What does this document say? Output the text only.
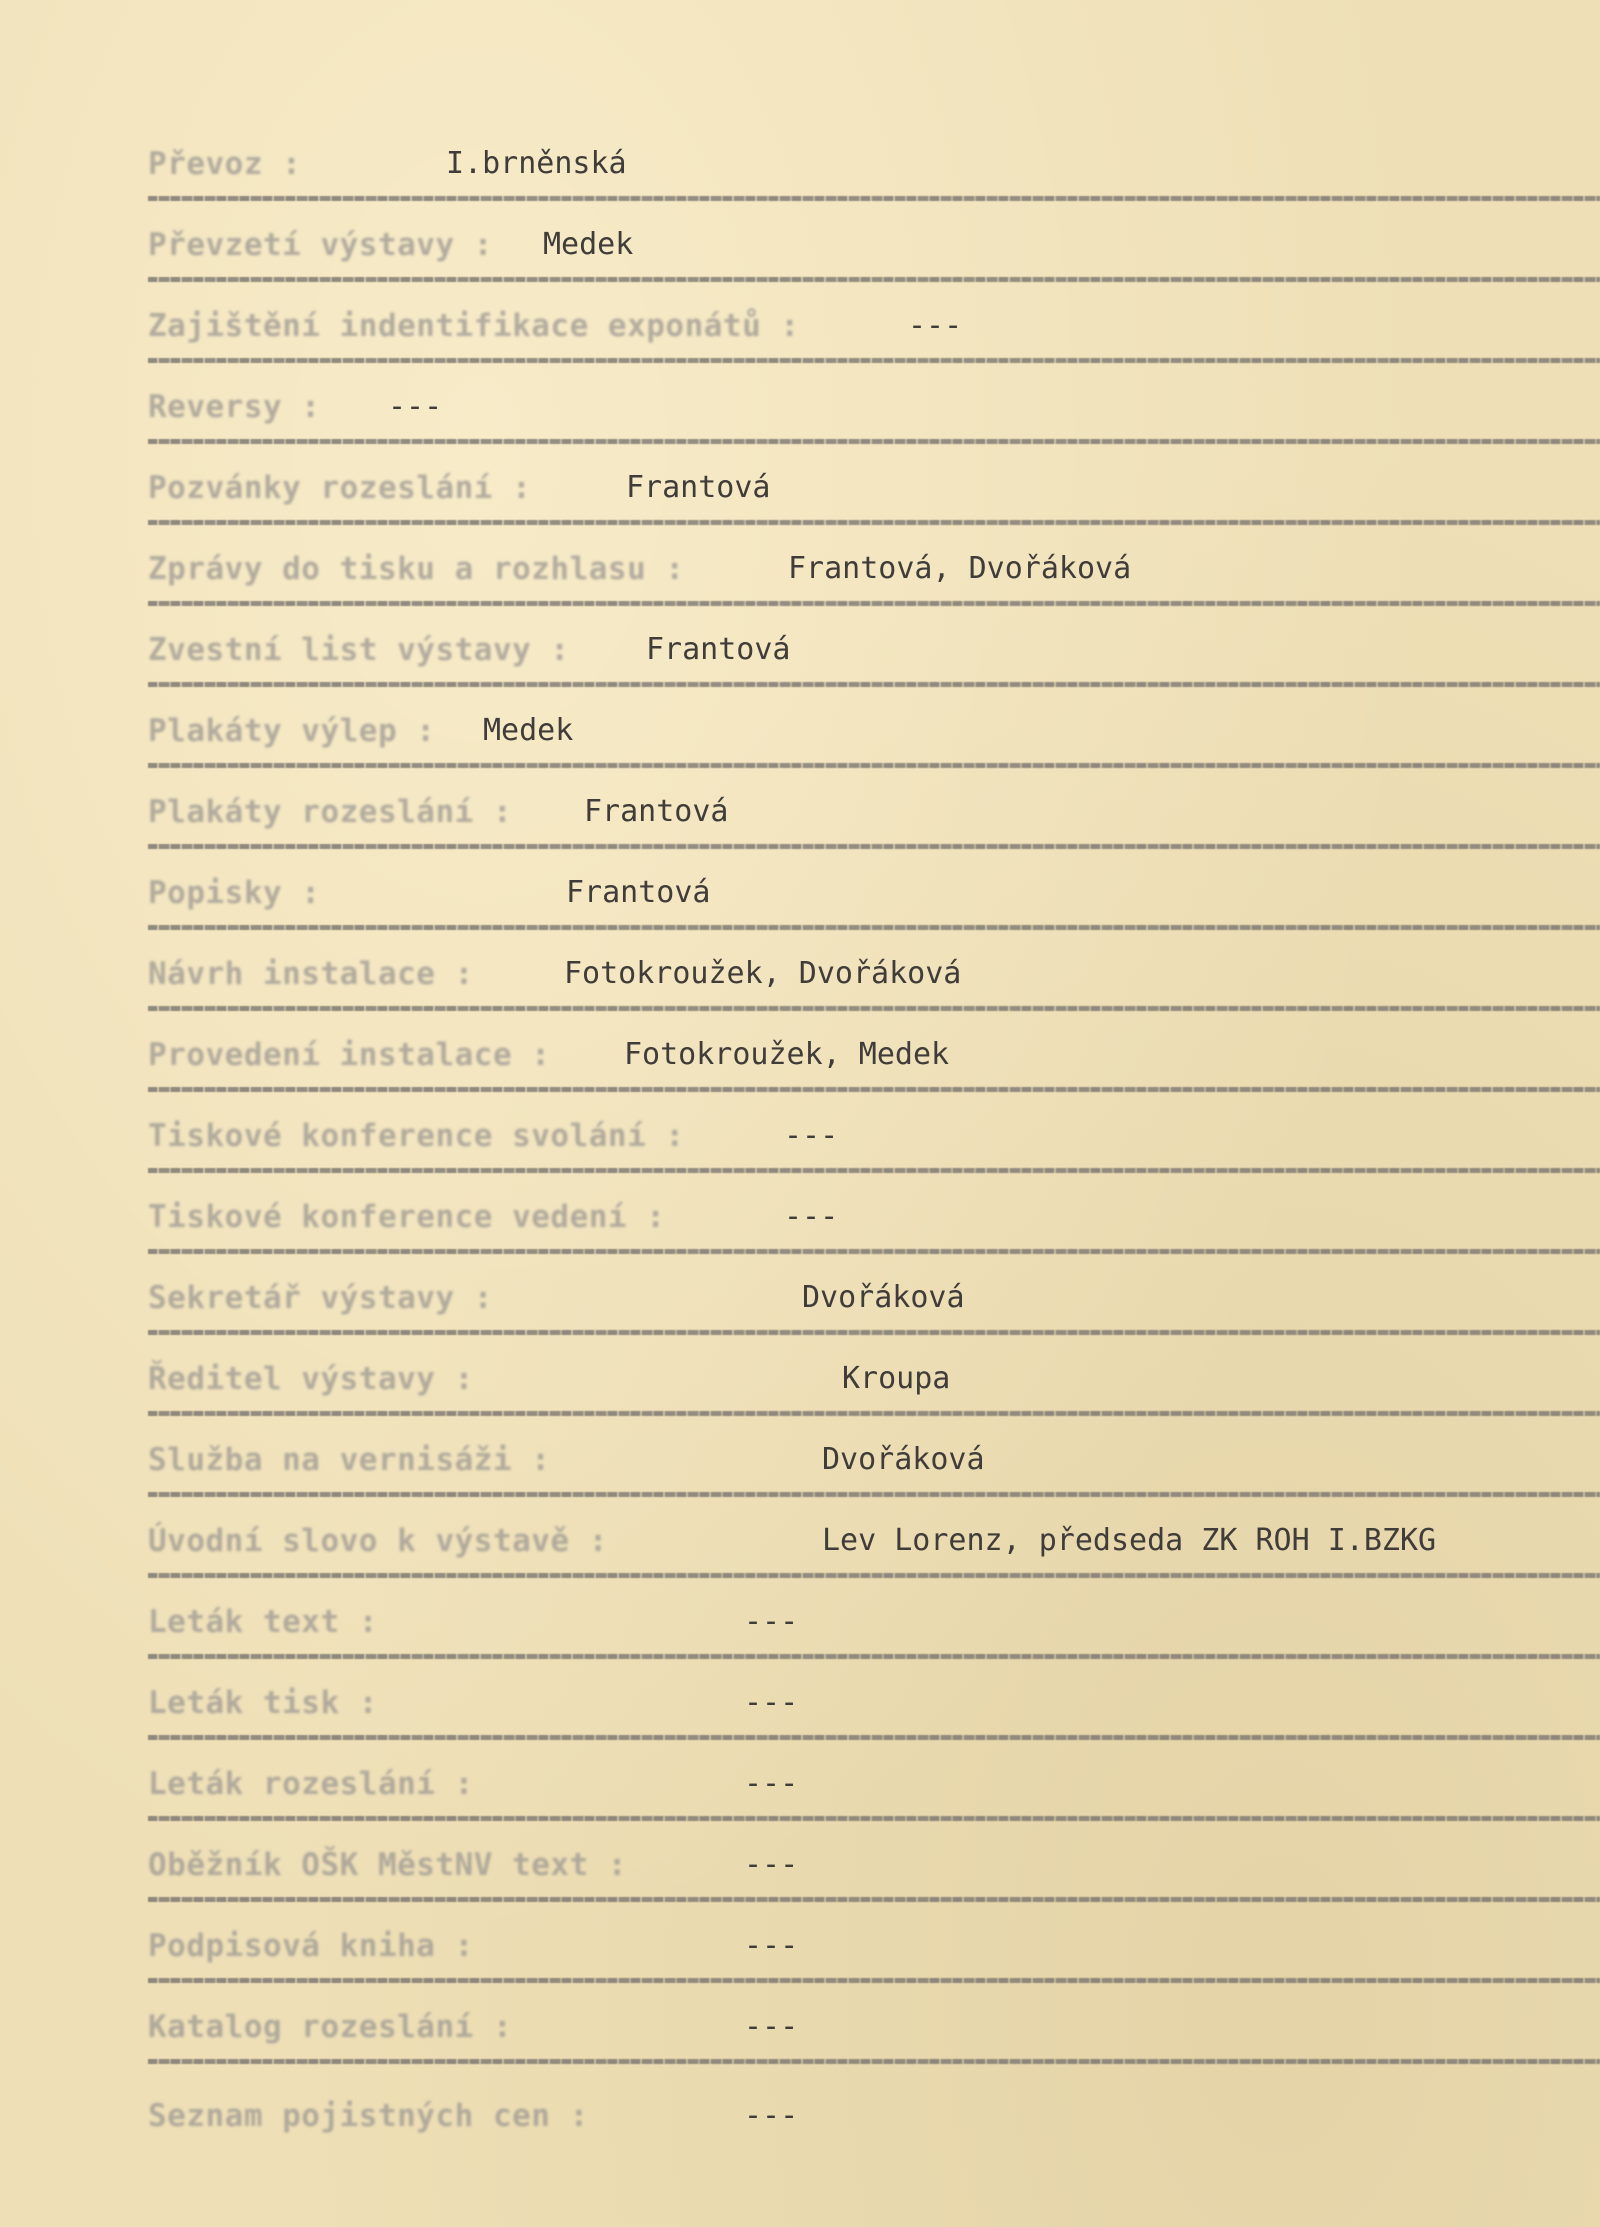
Převoz :	I.brněnská
Převzetí výstavy : Medek
Zajištění indentifikace exponátů :	---
Reversy : ---
Pozvánky rozeslání :	Frantová
Zprávy do tisku a rozhlasu :	Frantová, Dvořáková
Zvestní list výstavy :	Frantová
Plakáty výlep : Medek
Plakáty rozeslání : Frantová
Popisky :	Frantová
Návrh instalace :	Fotokroužek, Dvořáková
Provedení instalace : Fotokroužek, Medek
Tiskové konference svolání :	---
Tiskové konference vedení :	---
Sekretář výstavy :	Dvořáková
Ředitel výstavy :	Kroupa
Služba na vernisáži :	Dvořáková
Úvodní slovo k výstavě :	Lev Lorenz, předseda ZK ROH I.BZKG
Leták text :	---
Leták tisk :	---
Leták rozeslání :	---
Oběžník OŠK MěstNV text :	---
Podpisová kniha :	---
Katalog rozeslání :	---
Seznam pojistných cen :	---
